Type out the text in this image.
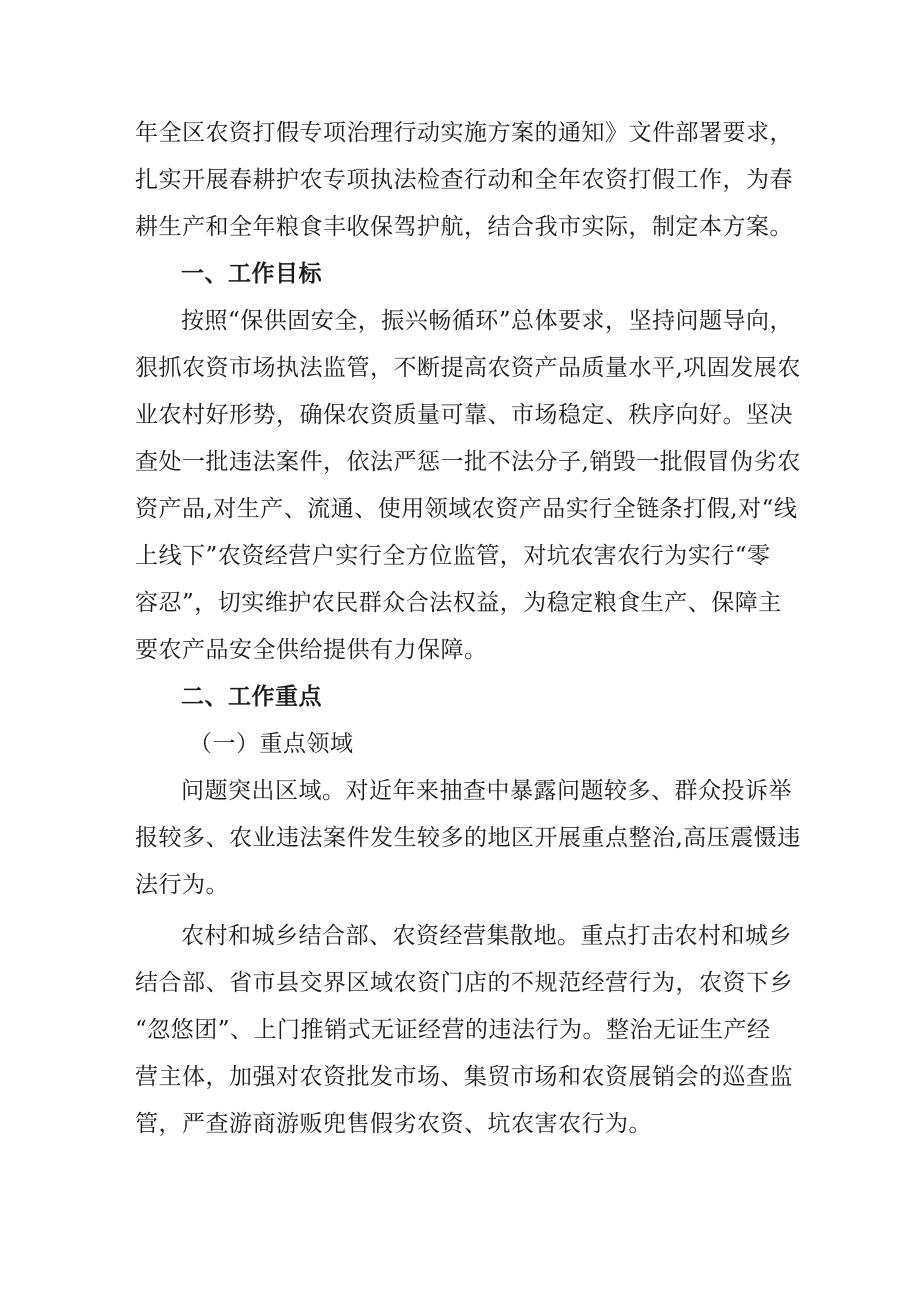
年全区农资打假专项治理行动实施方案的通知》文件部署要求，
扎实开展春耕护农专项执法检查行动和全年农资打假工作，为春
耕生产和全年粮食丰收保驾护航，结合我市实际，制定本方案。
一、工作目标
按照“保供固安全，振兴畅循环”总体要求，坚持问题导向，
狠抓农资市场执法监管，不断提高农资产品质量水平,巩固发展农
业农村好形势，确保农资质量可靠、市场稳定、秩序向好。坚决
查处一批违法案件，依法严惩一批不法分子,销毁一批假冒伪劣农
资产品,对生产、流通、使用领域农资产品实行全链条打假,对“线
上线下”农资经营户实行全方位监管，对坑农害农行为实行“零
容忍”，切实维护农民群众合法权益，为稳定粮食生产、保障主
要农产品安全供给提供有力保障。
二、工作重点
（一）重点领域
问题突出区域。对近年来抽查中暴露问题较多、群众投诉举
报较多、农业违法案件发生较多的地区开展重点整治,高压震慑违
法行为。
农村和城乡结合部、农资经营集散地。重点打击农村和城乡
结合部、省市县交界区域农资门店的不规范经营行为，农资下乡
“忽悠团”、上门推销式无证经营的违法行为。整治无证生产经
营主体，加强对农资批发市场、集贸市场和农资展销会的巡查监
管，严查游商游贩兜售假劣农资、坑农害农行为。
